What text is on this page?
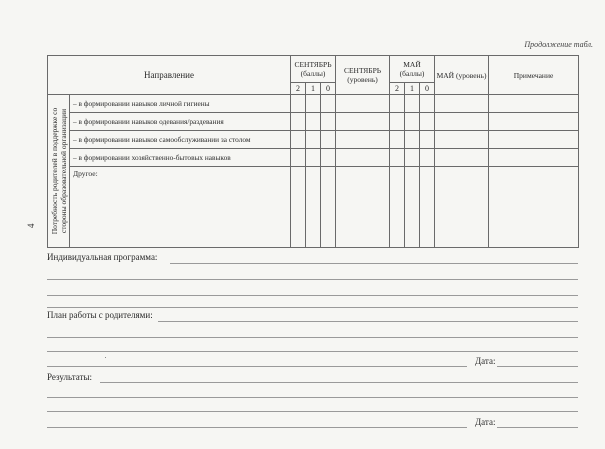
4
Продолжение табл.
Направление		СЕНТЯБРЬ (баллы)			СЕНТЯБРЬ (уровень)	МАЙ (баллы)			МАЙ (уровень)	Примечание
		2	1	0		2	1	0		

Потребность родителей в поддержке со стороны образовательной организации	– в формировании навыков личной гигиены									
	– в формировании навыков одевания/раздевания									
	– в формировании навыков самообслуживании за столом									
	– в формировании хозяйственно-бытовых навыков									
	Другое:									
Индивидуальная программа:
План работы с родителями:
Дата:
Результаты:
Дата:
